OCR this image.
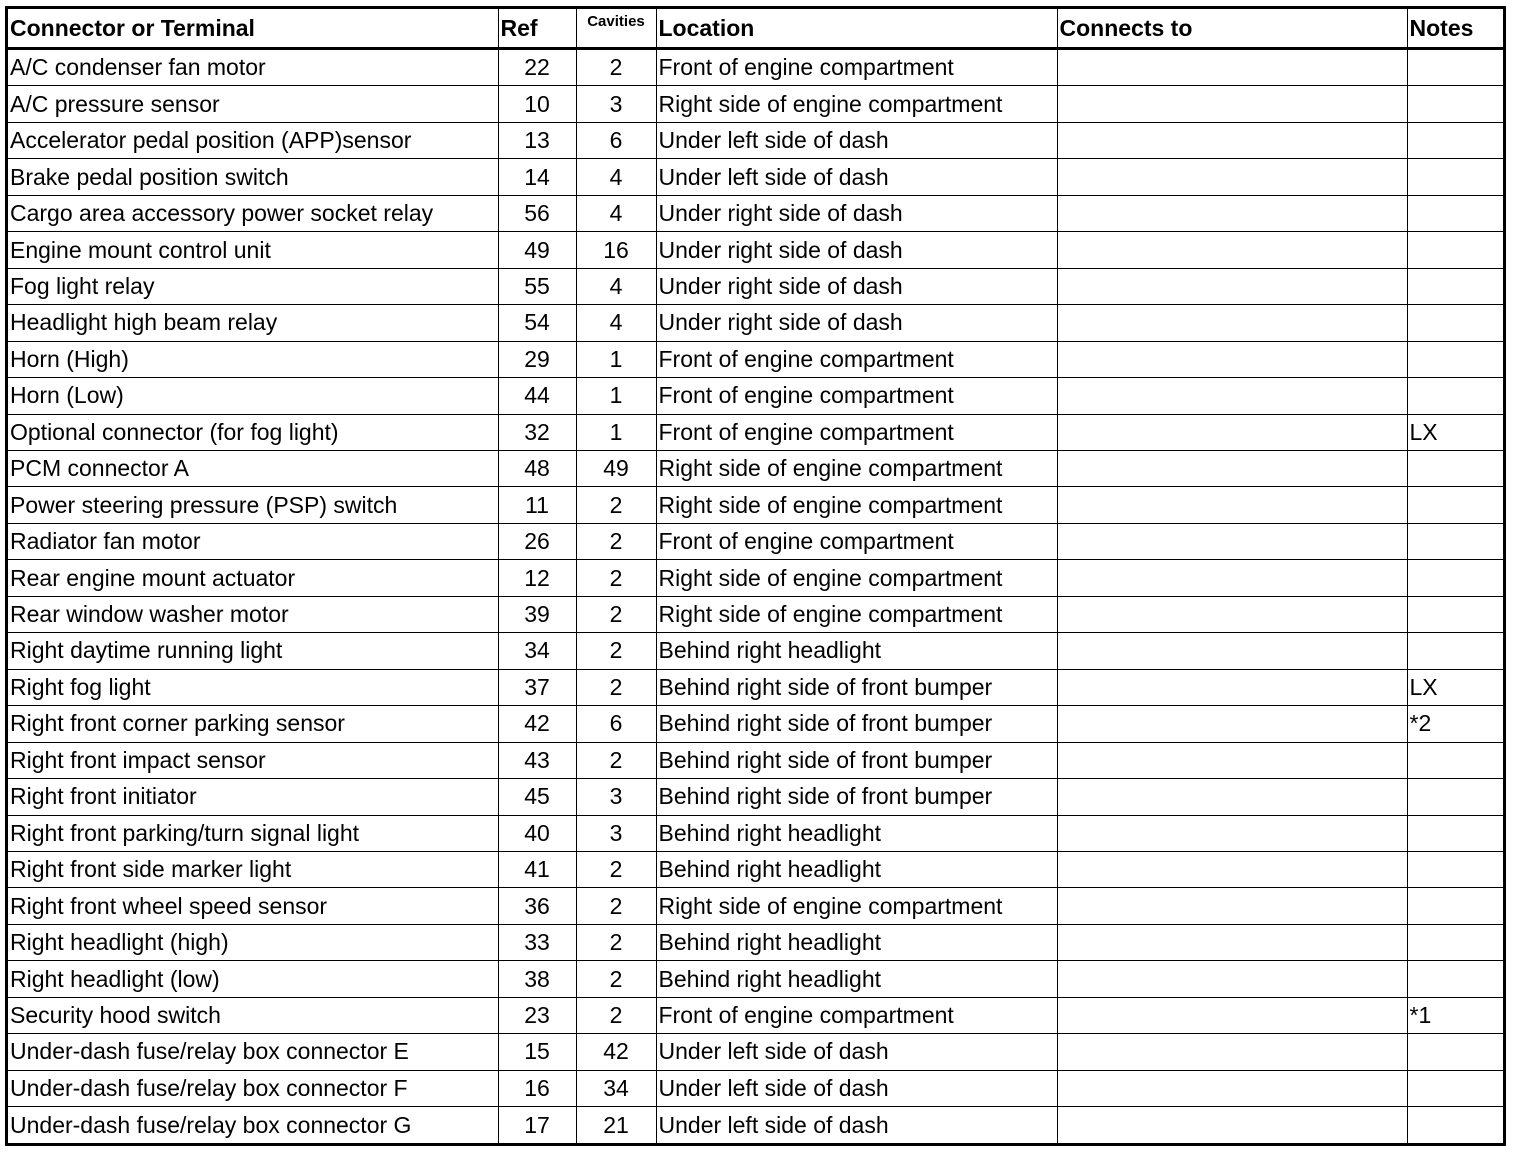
Connector or Terminal	Ref	Cavities	Location	Connects to	Notes
A/C condenser fan motor	22	2	Front of engine compartment		
A/C pressure sensor	10	3	Right side of engine compartment		
Accelerator pedal position (APP)sensor	13	6	Under left side of dash		
Brake pedal position switch	14	4	Under left side of dash		
Cargo area accessory power socket relay	56	4	Under right side of dash		
Engine mount control unit	49	16	Under right side of dash		
Fog light relay	55	4	Under right side of dash		
Headlight high beam relay	54	4	Under right side of dash		
Horn (High)	29	1	Front of engine compartment		
Horn (Low)	44	1	Front of engine compartment		
Optional connector (for fog light)	32	1	Front of engine compartment		LX
PCM connector A	48	49	Right side of engine compartment		
Power steering pressure (PSP) switch	11	2	Right side of engine compartment		
Radiator fan motor	26	2	Front of engine compartment		
Rear engine mount actuator	12	2	Right side of engine compartment		
Rear window washer motor	39	2	Right side of engine compartment		
Right daytime running light	34	2	Behind right headlight		
Right fog light	37	2	Behind right side of front bumper		LX
Right front corner parking sensor	42	6	Behind right side of front bumper		*2
Right front impact sensor	43	2	Behind right side of front bumper		
Right front initiator	45	3	Behind right side of front bumper		
Right front parking/turn signal light	40	3	Behind right headlight		
Right front side marker light	41	2	Behind right headlight		
Right front wheel speed sensor	36	2	Right side of engine compartment		
Right headlight (high)	33	2	Behind right headlight		
Right headlight (low)	38	2	Behind right headlight		
Security hood switch	23	2	Front of engine compartment		*1
Under-dash fuse/relay box connector E	15	42	Under left side of dash		
Under-dash fuse/relay box connector F	16	34	Under left side of dash		
Under-dash fuse/relay box connector G	17	21	Under left side of dash		
